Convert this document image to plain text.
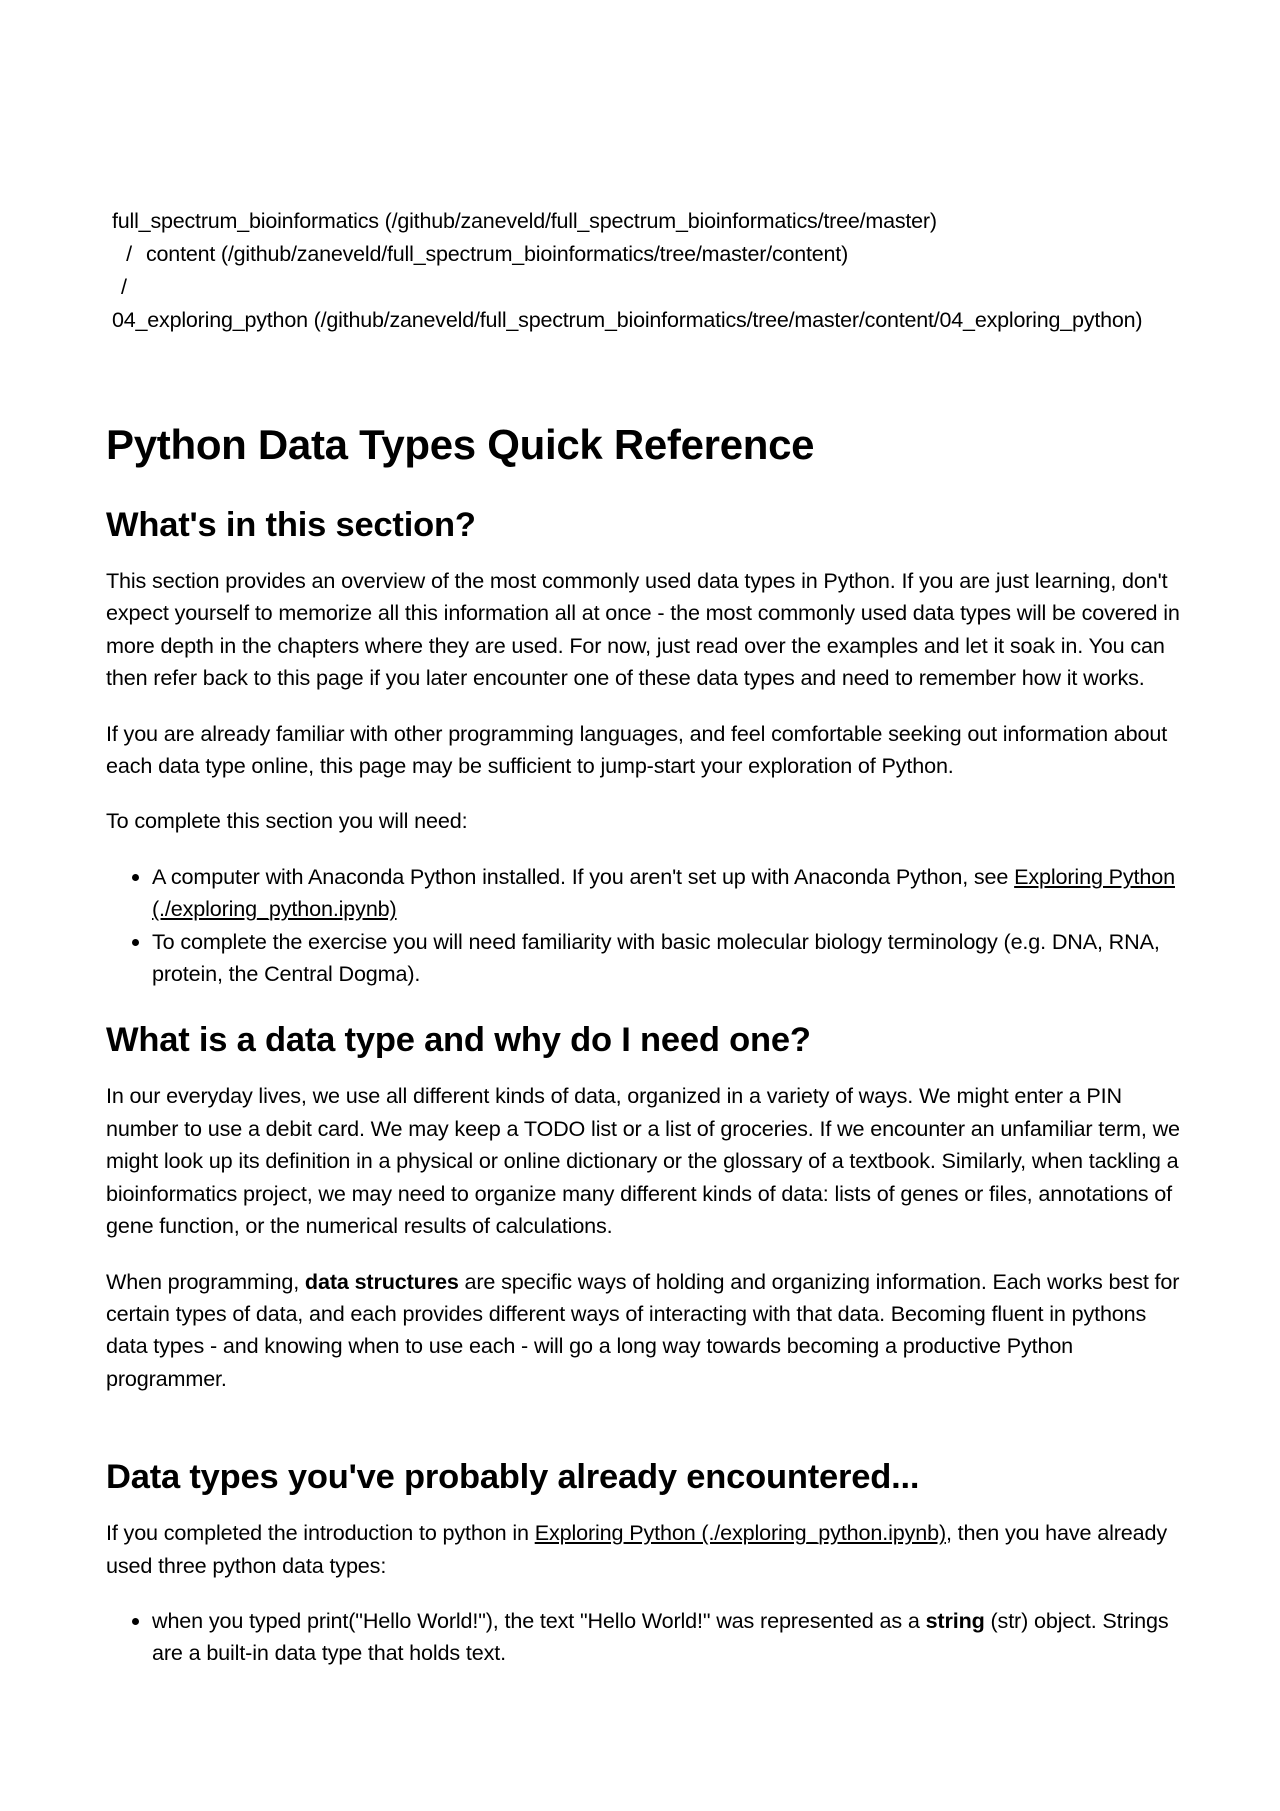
full_spectrum_bioinformatics (/github/zaneveld/full_spectrum_bioinformatics/tree/master)
/ content (/github/zaneveld/full_spectrum_bioinformatics/tree/master/content)
/
04_exploring_python (/github/zaneveld/full_spectrum_bioinformatics/tree/master/content/04_exploring_python)
Python Data Types Quick Reference
What's in this section?

This section provides an overview of the most commonly used data types in Python. If you are just learning, don't expect yourself to memorize all this information all at once - the most commonly used data types will be covered in more depth in the chapters where they are used. For now, just read over the examples and let it soak in. You can then refer back to this page if you later encounter one of these data types and need to remember how it works.

If you are already familiar with other programming languages, and feel comfortable seeking out information about each data type online, this page may be sufficient to jump-start your exploration of Python.

To complete this section you will need:

• A computer with Anaconda Python installed. If you aren't set up with Anaconda Python, see Exploring Python (./exploring_python.ipynb)
• To complete the exercise you will need familiarity with basic molecular biology terminology (e.g. DNA, RNA, protein, the Central Dogma).
What is a data type and why do I need one?

In our everyday lives, we use all different kinds of data, organized in a variety of ways. We might enter a PIN number to use a debit card. We may keep a TODO list or a list of groceries. If we encounter an unfamiliar term, we might look up its definition in a physical or online dictionary or the glossary of a textbook. Similarly, when tackling a bioinformatics project, we may need to organize many different kinds of data: lists of genes or files, annotations of gene function, or the numerical results of calculations.

When programming, data structures are specific ways of holding and organizing information. Each works best for certain types of data, and each provides different ways of interacting with that data. Becoming fluent in pythons data types - and knowing when to use each - will go a long way towards becoming a productive Python programmer.

Data types you've probably already encountered...

If you completed the introduction to python in Exploring Python (./exploring_python.ipynb), then you have already used three python data types:

• when you typed print("Hello World!"), the text "Hello World!" was represented as a string (str) object. Strings are a built-in data type that holds text.
